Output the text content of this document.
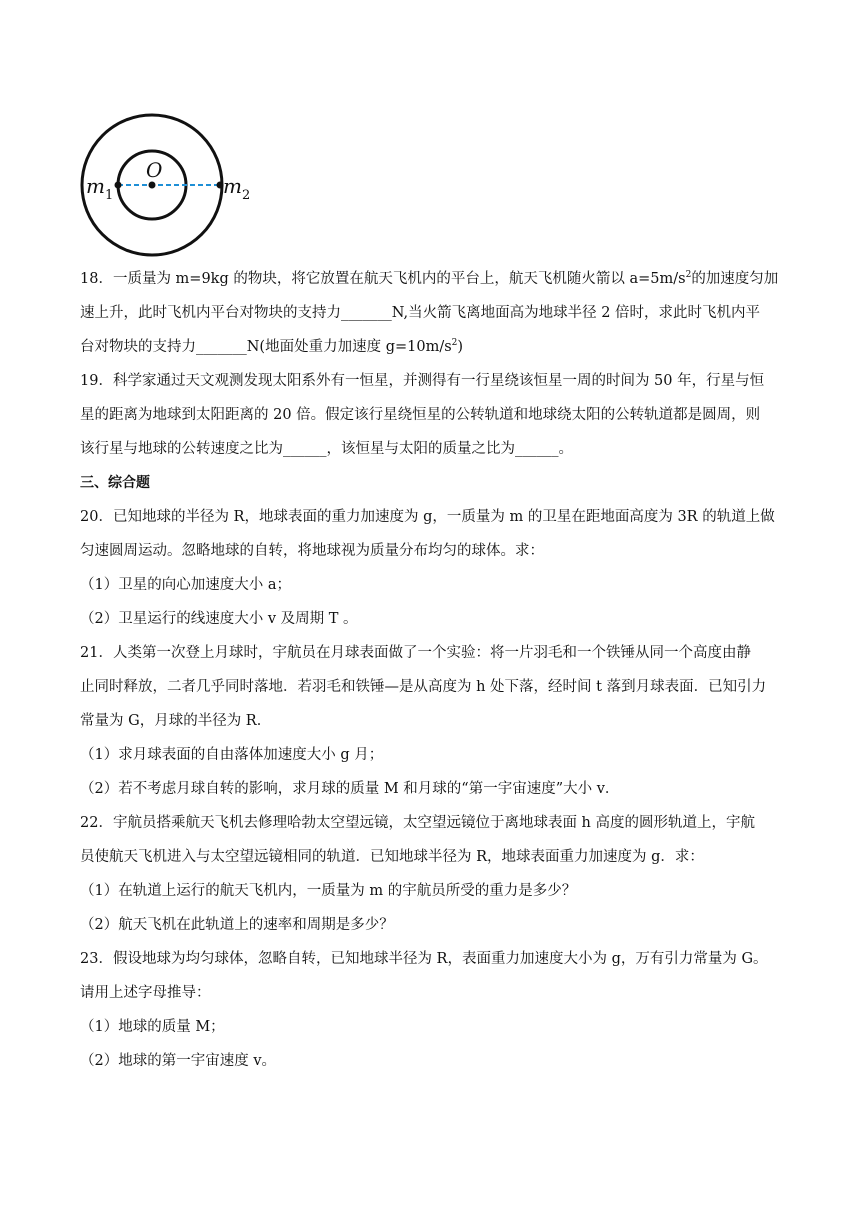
O
m 1	m 2
18．一质量为 m=9kg 的物块，将它放置在航天飞机内的平台上，航天飞机随火箭以 $a=5m/s^2$的加速度匀加
速上升，此时飞机内平台对物块的支持力_______N,当火箭飞离地面高为地球半径 2 倍时，求此时飞机内平
台对物块的支持力_______N(地面处重力加速度 $g=10m/s^2$)
19．科学家通过天文观测发现太阳系外有一恒星，并测得有一行星绕该恒星一周的时间为 50 年，行星与恒
星的距离为地球到太阳距离的 20 倍。假定该行星绕恒星的公转轨道和地球绕太阳的公转轨道都是圆周，则
该行星与地球的公转速度之比为______，该恒星与太阳的质量之比为______。
三、综合题
20．已知地球的半径为 R，地球表面的重力加速度为 g，一质量为 m 的卫星在距地面高度为 3R 的轨道上做
匀速圆周运动。忽略地球的自转，将地球视为质量分布均匀的球体。求：
（1）卫星的向心加速度大小 a；
（2）卫星运行的线速度大小 v 及周期 T 。
21．人类第一次登上月球时，宇航员在月球表面做了一个实验：将一片羽毛和一个铁锤从同一个高度由静
止同时释放，二者几乎同时落地．若羽毛和铁锤—是从高度为 h 处下落，经时间 t 落到月球表面．已知引力
常量为 G，月球的半径为 R．
（1）求月球表面的自由落体加速度大小 g 月；
（2）若不考虑月球自转的影响，求月球的质量 M 和月球的“第一宇宙速度”大小 v．
22．宇航员搭乘航天飞机去修理哈勃太空望远镜，太空望远镜位于离地球表面 h 高度的圆形轨道上，宇航
员使航天飞机进入与太空望远镜相同的轨道．已知地球半径为 R，地球表面重力加速度为 g．求：
（1）在轨道上运行的航天飞机内，一质量为 m 的宇航员所受的重力是多少？
（2）航天飞机在此轨道上的速率和周期是多少？
23．假设地球为均匀球体，忽略自转，已知地球半径为 R，表面重力加速度大小为 g，万有引力常量为 G。
请用上述字母推导：
（1）地球的质量 M；
（2）地球的第一宇宙速度 v。
